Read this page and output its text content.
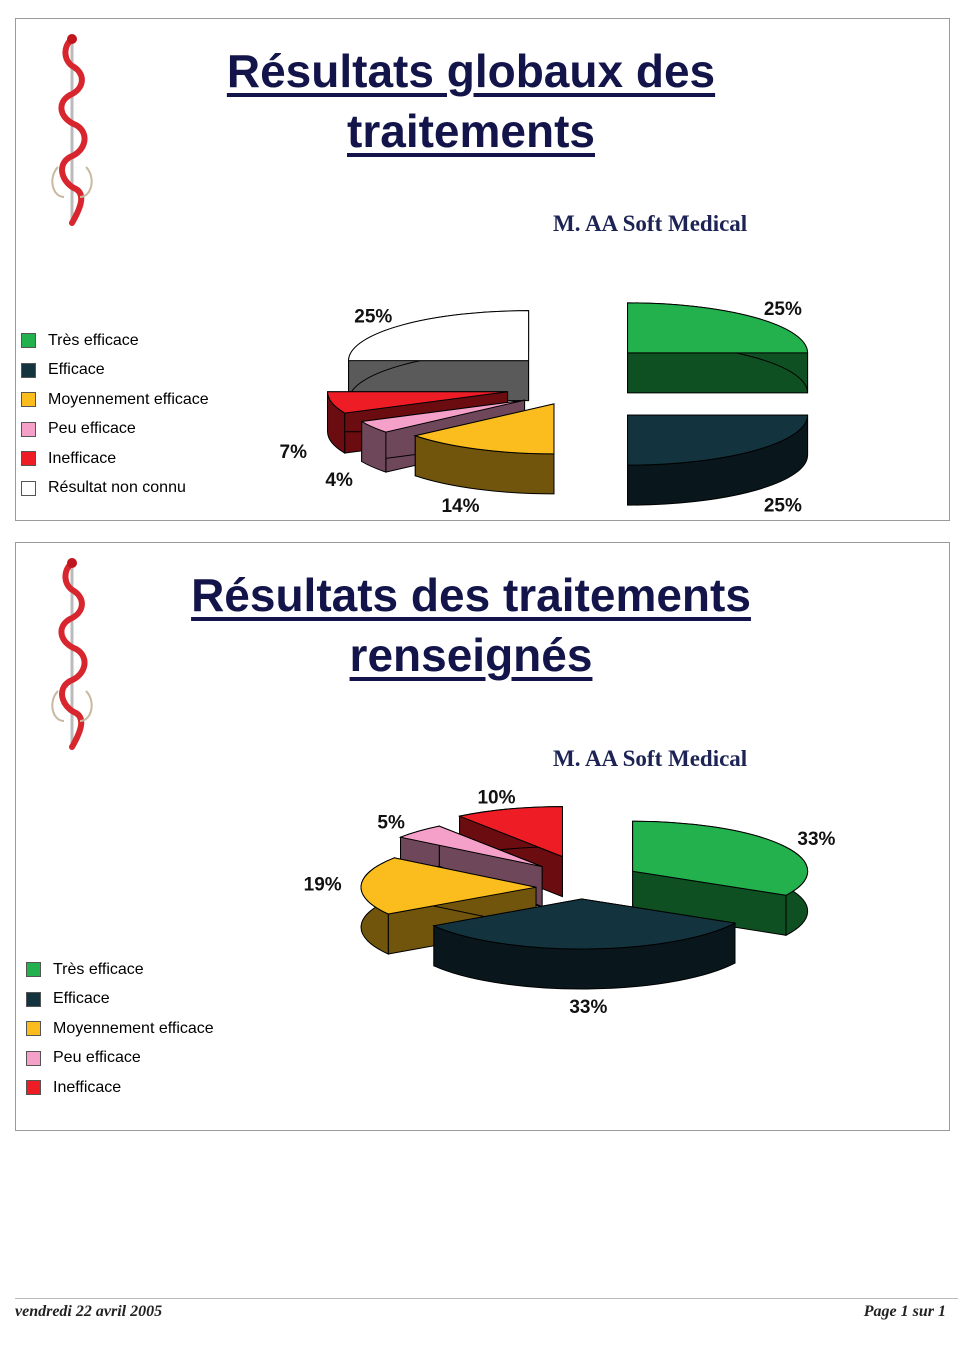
Résultats globaux des traitements
M. AA Soft Medical
Très efficace
Efficace
Moyennement efficace
Peu efficace
Inefficace
Résultat non connu
25%
25%
14%
4%
7%
25%
Résultats des traitements renseignés
M. AA Soft Medical
Très efficace
Efficace
Moyennement efficace
Peu efficace
Inefficace
33%
33%
19%
5%
10%
vendredi 22 avril 2005	Page 1 sur 1
